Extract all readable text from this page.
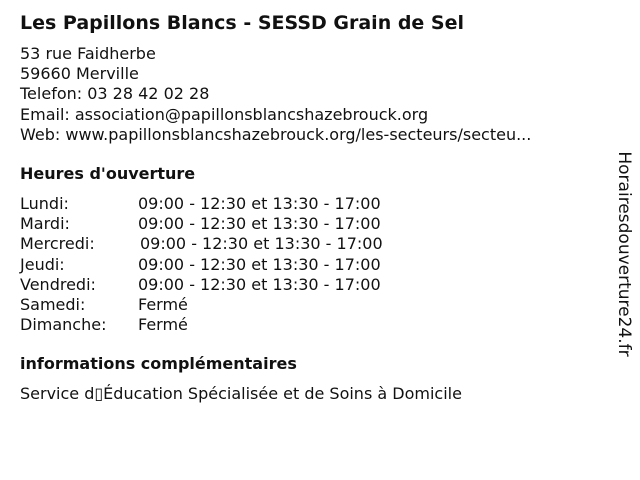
Les Papillons Blancs - SESSD Grain de Sel
53 rue Faidherbe
59660 Merville
Telefon: 03 28 42 02 28
Email: association@papillonsblancshazebrouck.org
Web: www.papillonsblancshazebrouck.org/les-secteurs/secteu...
Heures d'ouverture
Lundi:	09:00 - 12:30 et 13:30 - 17:00
Mardi:	09:00 - 12:30 et 13:30 - 17:00
Mercredi:	09:00 - 12:30 et 13:30 - 17:00
Jeudi:	09:00 - 12:30 et 13:30 - 17:00
Vendredi:	09:00 - 12:30 et 13:30 - 17:00
Samedi:	Fermé
Dimanche: Fermé
informations complémentaires
Service d▯Éducation Spécialisée et de Soins à Domicile
Horairesdouverture24.fr
